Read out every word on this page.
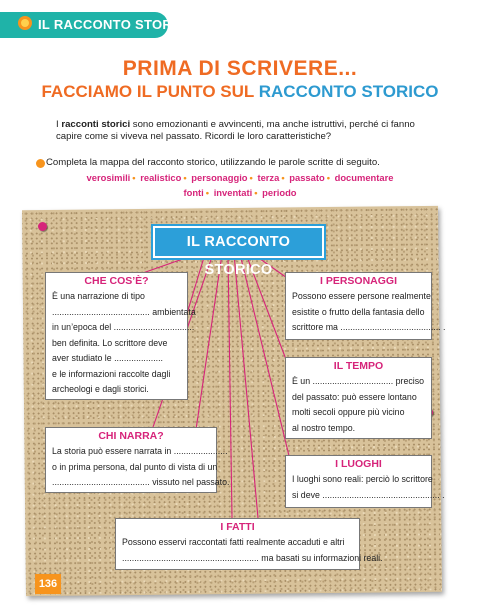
IL RACCONTO STORICO
PRIMA DI SCRIVERE...
FACCIAMO IL PUNTO SUL RACCONTO STORICO
I racconti storici sono emozionanti e avvincenti, ma anche istruttivi, perché ci fanno capire come si viveva nel passato. Ricordi le loro caratteristiche?
Completa la mappa del racconto storico, utilizzando le parole scritte di seguito.
verosimili • realistico • personaggio • terza • passato • documentare
fonti • inventati • periodo
IL RACCONTO STORICO
CHE COS’È?
È una narrazione di tipo
........................................ ambientata
in un’epoca del .................................
ben definita. Lo scrittore deve
aver studiato le ....................
e le informazioni raccolte dagli
archeologi e dagli storici.
I PERSONAGGI
Possono essere persone realmente
esistite o frutto della fantasia dello
scrittore ma ......................................... .
IL TEMPO
È un ................................. preciso
del passato: può essere lontano
molti secoli oppure più vicino
al nostro tempo.
CHI NARRA?
La storia può essere narrata in ......................
o in prima persona, dal punto di vista di un
........................................ vissuto nel passato.
I LUOGHI
I luoghi sono reali: perciò lo scrittore
si deve ................................................ .
I FATTI
Possono esservi raccontati fatti realmente accaduti e altri
........................................................ ma basati su informazioni reali.
136
